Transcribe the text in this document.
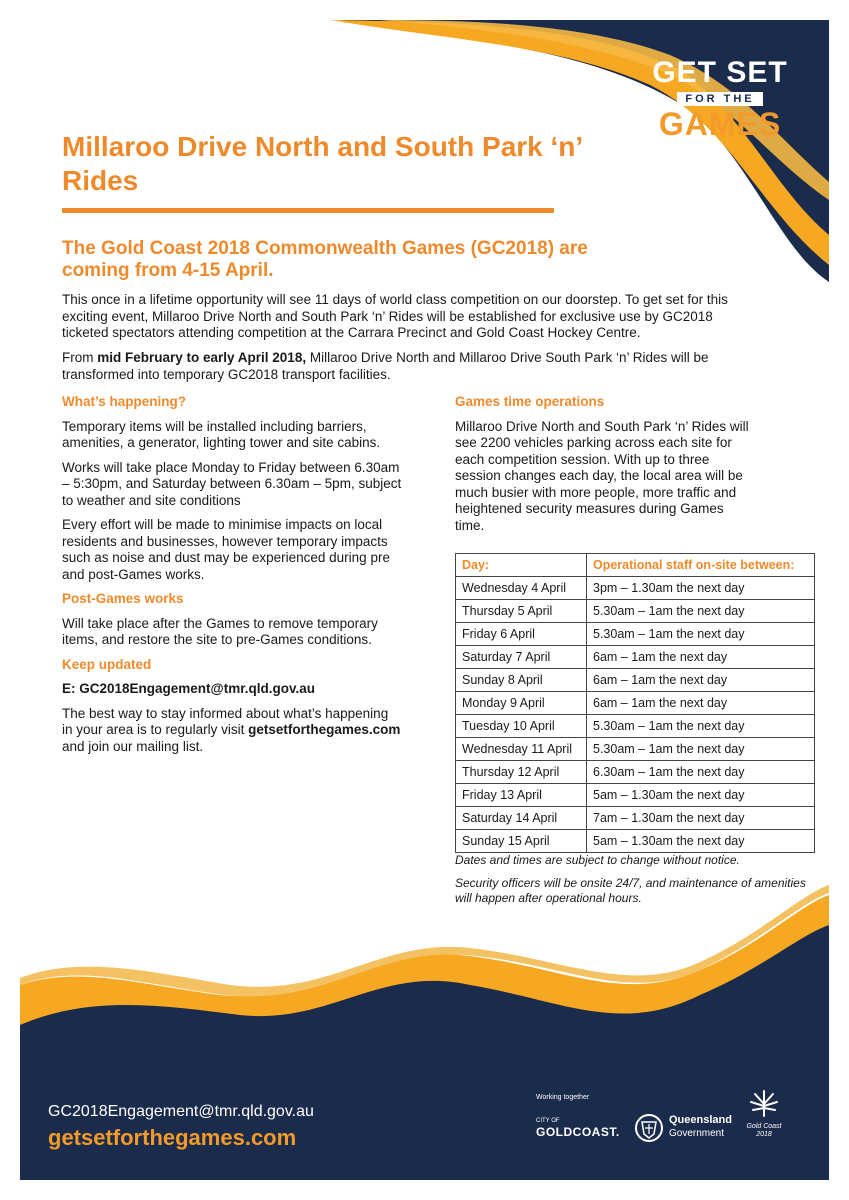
GET SET
FOR THE
GAMES
Millaroo Drive North and South Park ‘n’ Rides
The Gold Coast 2018 Commonwealth Games (GC2018) are coming from 4-15 April.

This once in a lifetime opportunity will see 11 days of world class competition on our doorstep. To get set for this exciting event, Millaroo Drive North and South Park ‘n’ Rides will be established for exclusive use by GC2018 ticketed spectators attending competition at the Carrara Precinct and Gold Coast Hockey Centre.

From mid February to early April 2018, Millaroo Drive North and Millaroo Drive South Park ‘n’ Rides will be transformed into temporary GC2018 transport facilities.

What’s happening?

Temporary items will be installed including barriers, amenities, a generator, lighting tower and site cabins.

Works will take place Monday to Friday between 6.30am – 5:30pm, and Saturday between 6.30am – 5pm, subject to weather and site conditions

Every effort will be made to minimise impacts on local residents and businesses, however temporary impacts such as noise and dust may be experienced during pre and post-Games works.

Post-Games works

Will take place after the Games to remove temporary items, and restore the site to pre-Games conditions.

Keep updated

E: GC2018Engagement@tmr.qld.gov.au

The best way to stay informed about what’s happening in your area is to regularly visit getsetforthegames.com and join our mailing list.

Games time operations

Millaroo Drive North and South Park ‘n’ Rides will see 2200 vehicles parking across each site for each competition session. With up to three session changes each day, the local area will be much busier with more people, more traffic and heightened security measures during Games time.

Day:	Operational staff on-site between:
Wednesday 4 April	3pm – 1.30am the next day
Thursday 5 April	5.30am – 1am the next day
Friday 6 April	5.30am – 1am the next day
Saturday 7 April	6am – 1am the next day
Sunday 8 April	6am – 1am the next day
Monday 9 April	6am – 1am the next day
Tuesday 10 April	5.30am – 1am the next day
Wednesday 11 April	5.30am – 1am the next day
Thursday 12 April	6.30am – 1am the next day
Friday 13 April	5am – 1.30am the next day
Saturday 14 April	7am – 1.30am the next day
Sunday 15 April	5am – 1.30am the next day

Dates and times are subject to change without notice.

Security officers will be onsite 24/7, and maintenance of amenities will happen after operational hours.

GC2018Engagement@tmr.qld.gov.au
getsetforthegames.com
Working together
CITY OF
GOLDCOAST.
Queensland
Government
Gold Coast
2018
